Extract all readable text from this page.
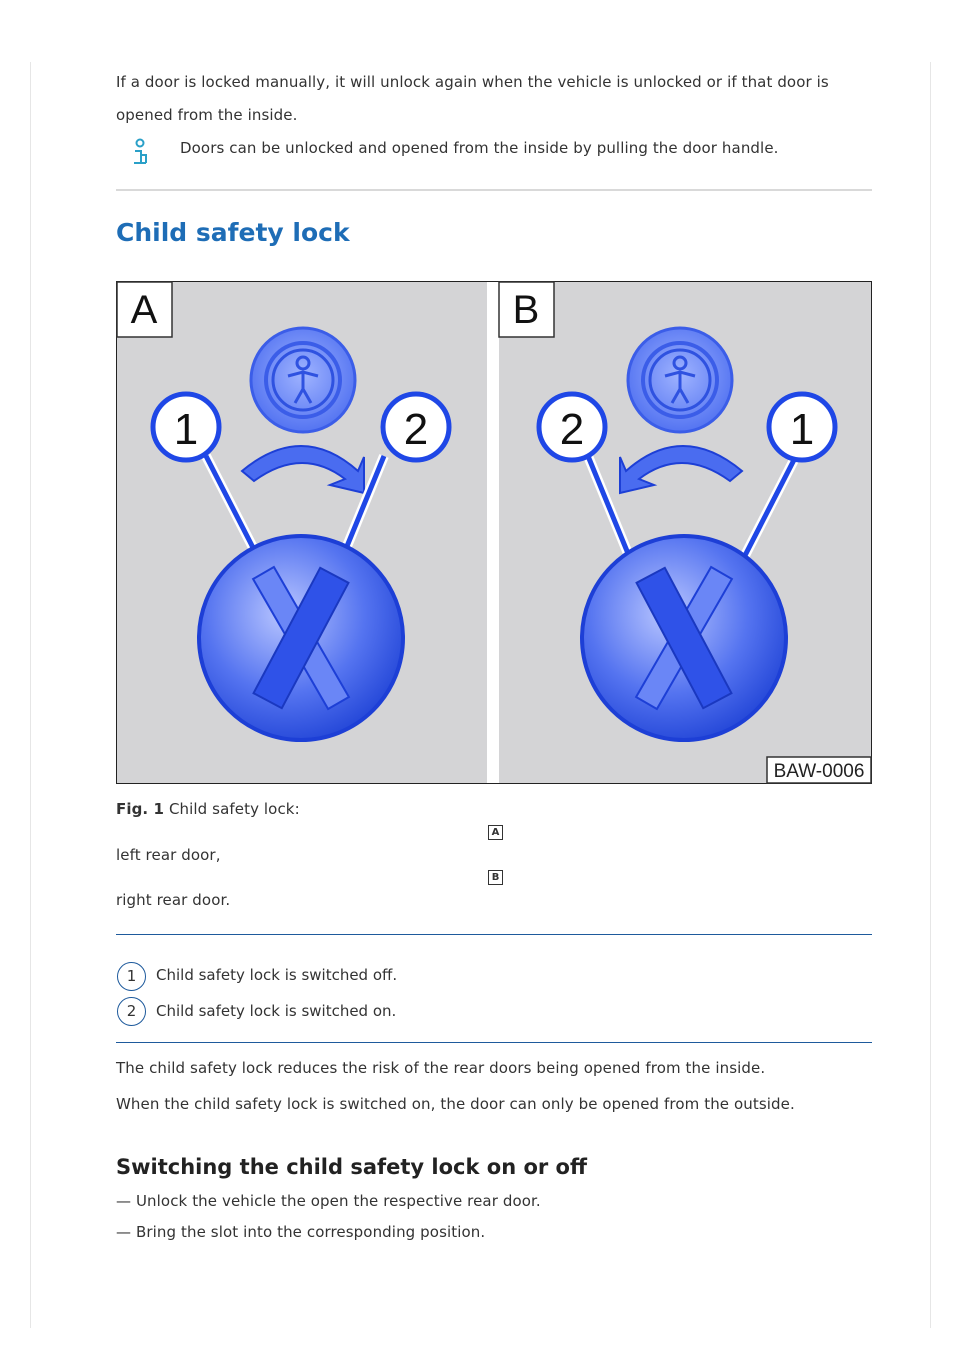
If a door is locked manually, it will unlock again when the vehicle is unlocked or if that door is opened from the inside.

Doors can be unlocked and opened from the inside by pulling the door handle.

Child safety lock
A
1	2
B
2	1
BAW-0006

Fig. 1 Child safety lock:

A

left rear door,

B

right rear door.

1	Child safety lock is switched off.

2	Child safety lock is switched on.

The child safety lock reduces the risk of the rear doors being opened from the inside.

When the child safety lock is switched on, the door can only be opened from the outside.

Switching the child safety lock on or off

— Unlock the vehicle the open the respective rear door.

— Bring the slot into the corresponding position.
